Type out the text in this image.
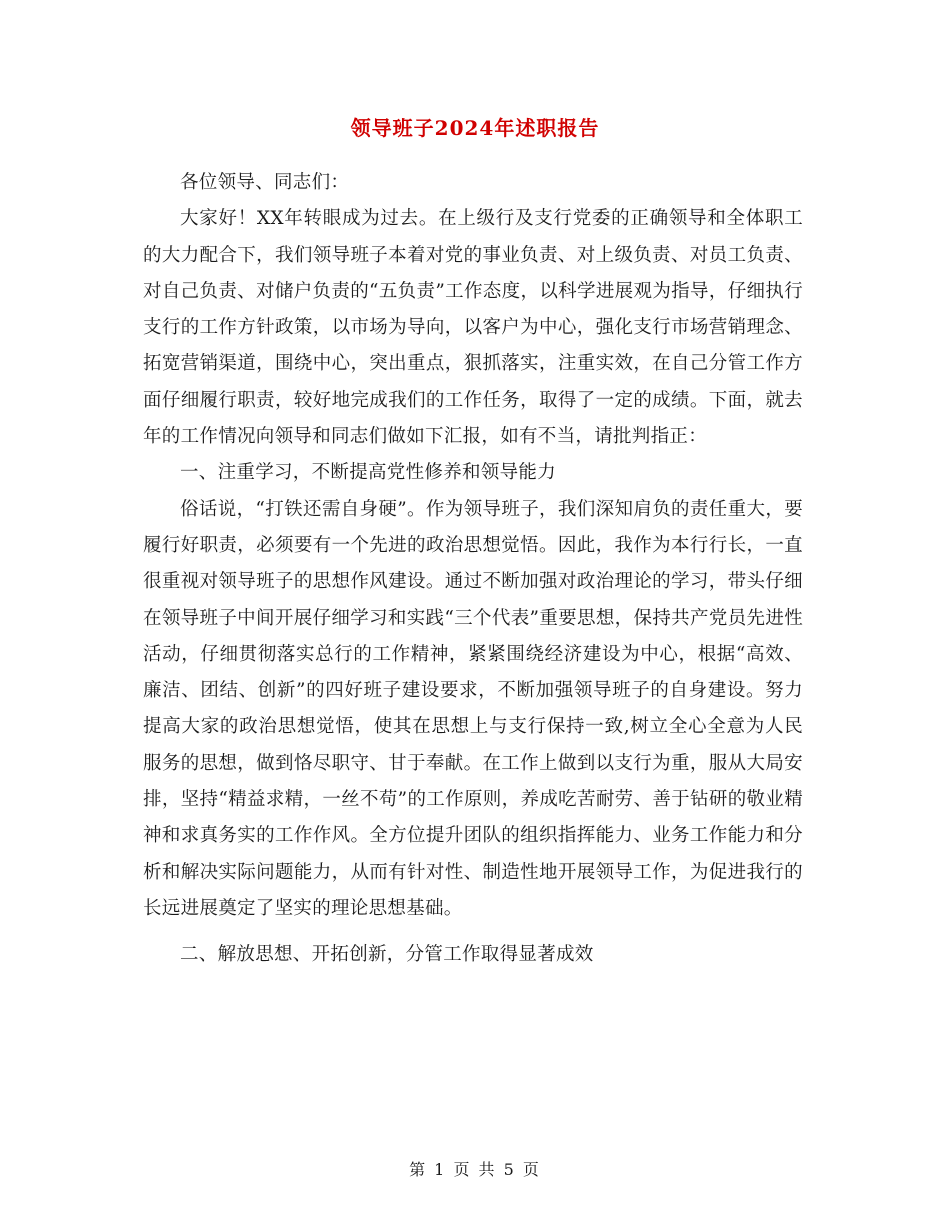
领导班子2024年述职报告

各位领导、同志们：

大家好！XX年转眼成为过去。在上级行及支行党委的正确领导和全体职工的大力配合下，我们领导班子本着对党的事业负责、对上级负责、对员工负责、对自己负责、对储户负责的“五负责”工作态度，以科学进展观为指导，仔细执行支行的工作方针政策，以市场为导向，以客户为中心，强化支行市场营销理念、拓宽营销渠道，围绕中心，突出重点，狠抓落实，注重实效，在自己分管工作方面仔细履行职责，较好地完成我们的工作任务，取得了一定的成绩。下面，就去年的工作情况向领导和同志们做如下汇报，如有不当，请批判指正：

一、注重学习，不断提高党性修养和领导能力

俗话说，“打铁还需自身硬”。作为领导班子，我们深知肩负的责任重大，要履行好职责，必须要有一个先进的政治思想觉悟。因此，我作为本行行长，一直很重视对领导班子的思想作风建设。通过不断加强对政治理论的学习，带头仔细在领导班子中间开展仔细学习和实践“三个代表”重要思想，保持共产党员先进性活动，仔细贯彻落实总行的工作精神，紧紧围绕经济建设为中心，根据“高效、廉洁、团结、创新”的四好班子建设要求，不断加强领导班子的自身建设。努力提高大家的政治思想觉悟，使其在思想上与支行保持一致,树立全心全意为人民服务的思想，做到恪尽职守、甘于奉献。在工作上做到以支行为重，服从大局安排，坚持“精益求精，一丝不苟”的工作原则，养成吃苦耐劳、善于钻研的敬业精神和求真务实的工作作风。全方位提升团队的组织指挥能力、业务工作能力和分析和解决实际问题能力，从而有针对性、制造性地开展领导工作，为促进我行的长远进展奠定了坚实的理论思想基础。

二、解放思想、开拓创新，分管工作取得显著成效

第 1 页 共 5 页
